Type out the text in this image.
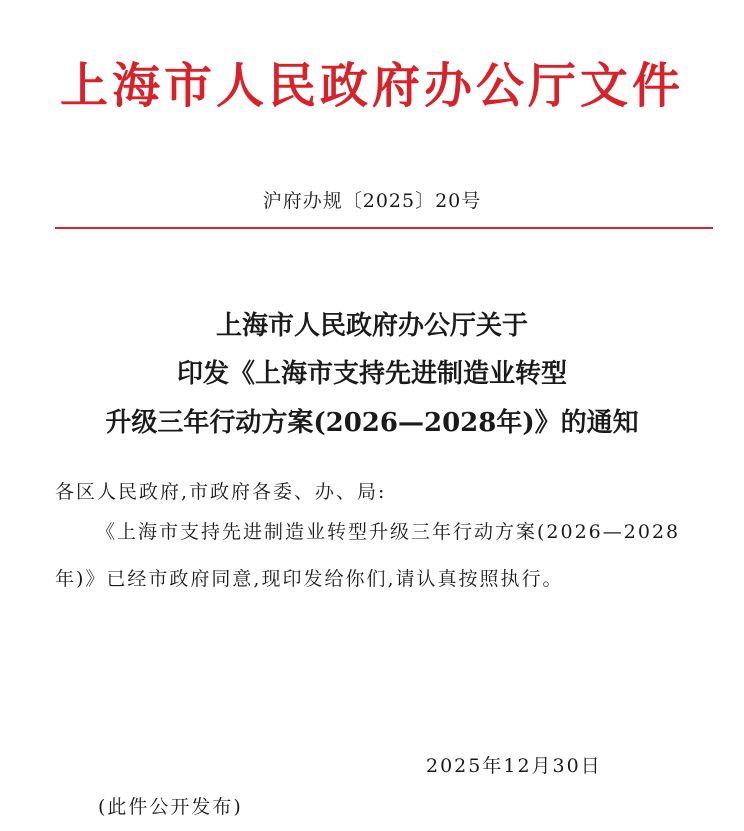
上海市人民政府办公厅文件
沪府办规〔2025〕20号
上海市人民政府办公厅关于
印发《上海市支持先进制造业转型
升级三年行动方案(2026—2028年)》的通知
各区人民政府,市政府各委、办、局:
《上海市支持先进制造业转型升级三年行动方案(2026—2028
年)》已经市政府同意,现印发给你们,请认真按照执行。
2025年12月30日
(此件公开发布)
